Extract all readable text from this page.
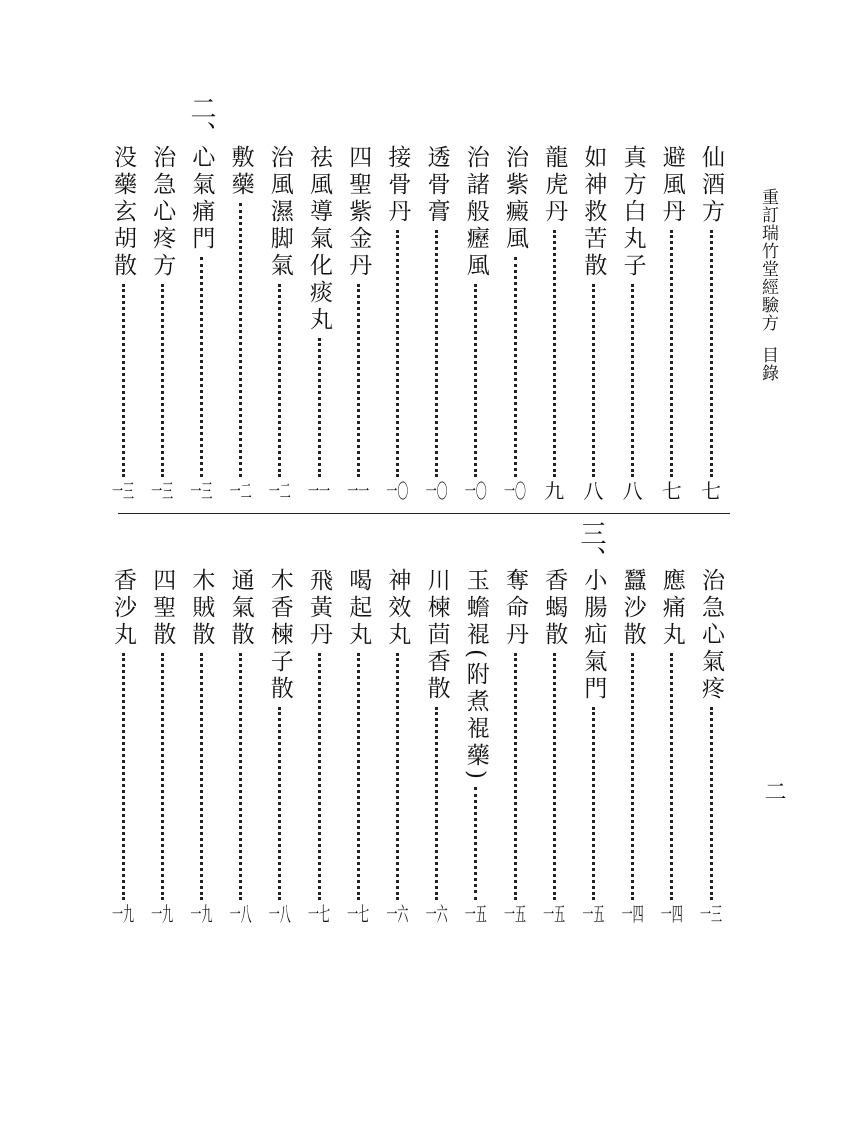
重訂瑞竹堂經驗方目錄
二
二、
三、
仙酒方
七
避風丹
七
真方白丸子
八
如神救苦散
八
龍虎丹
九
治紫癜風
一〇
治諸般癧風
一〇
透骨膏
一〇
接骨丹
一〇
四聖紫金丹
一一
祛風導氣化痰丸
一一
治風濕脚氣
一二
敷藥
一二
心氣痛門
一三
治急心疼方
一三
没藥玄胡散
一三
治急心氣疼
一三
應痛丸
一四
蠶沙散
一四
小腸疝氣門
一五
香蝎散
一五
奪命丹
一五
玉蟾裩(附煮裩藥)
一五
川楝茴香散
一六
神效丸
一六
喝起丸
一七
飛黃丹
一七
木香楝子散
一八
通氣散
一八
木賊散
一九
四聖散
一九
香沙丸
一九
